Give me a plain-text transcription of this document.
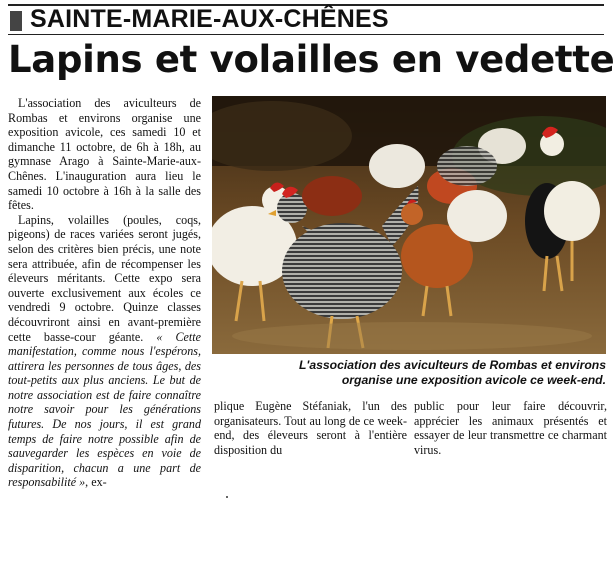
SAINTE-MARIE-AUX-CHÊNES
Lapins et volailles en vedette

L'association des aviculteurs de Rombas et environs organise une exposition avicole, ces samedi 10 et dimanche 11 octobre, de 6h à 18h, au gymnase Arago à Sainte-Marie-aux-Chênes. L'inauguration aura lieu le samedi 10 octobre à 16h à la salle des fêtes.

Lapins, volailles (poules, coqs, pigeons) de races variées seront jugés, selon des critères bien précis, une note sera attribuée, afin de récompenser les éleveurs méritants. Cette expo sera ouverte exclusivement aux écoles ce vendredi 9 octobre. Quinze classes découvriront ainsi en avant-première cette basse-cour géante. « Cette manifestation, comme nous l'espérons, attirera les personnes de tous âges, des tout-petits aux plus anciens. Le but de notre association est de faire connaître notre savoir pour les générations futures. De nos jours, il est grand temps de faire notre possible afin de sauvegarder les espèces en voie de disparition, chacun a une part de responsabilité », ex-

L'association des aviculteurs de Rombas et environs
organise une exposition avicole ce week-end.

plique Eugène Stéfaniak, l'un des organisateurs. Tout au long de ce week-end, des éleveurs seront à l'entière disposition du

public pour leur faire découvrir, apprécier les animaux présentés et essayer de leur transmettre ce charmant virus.
